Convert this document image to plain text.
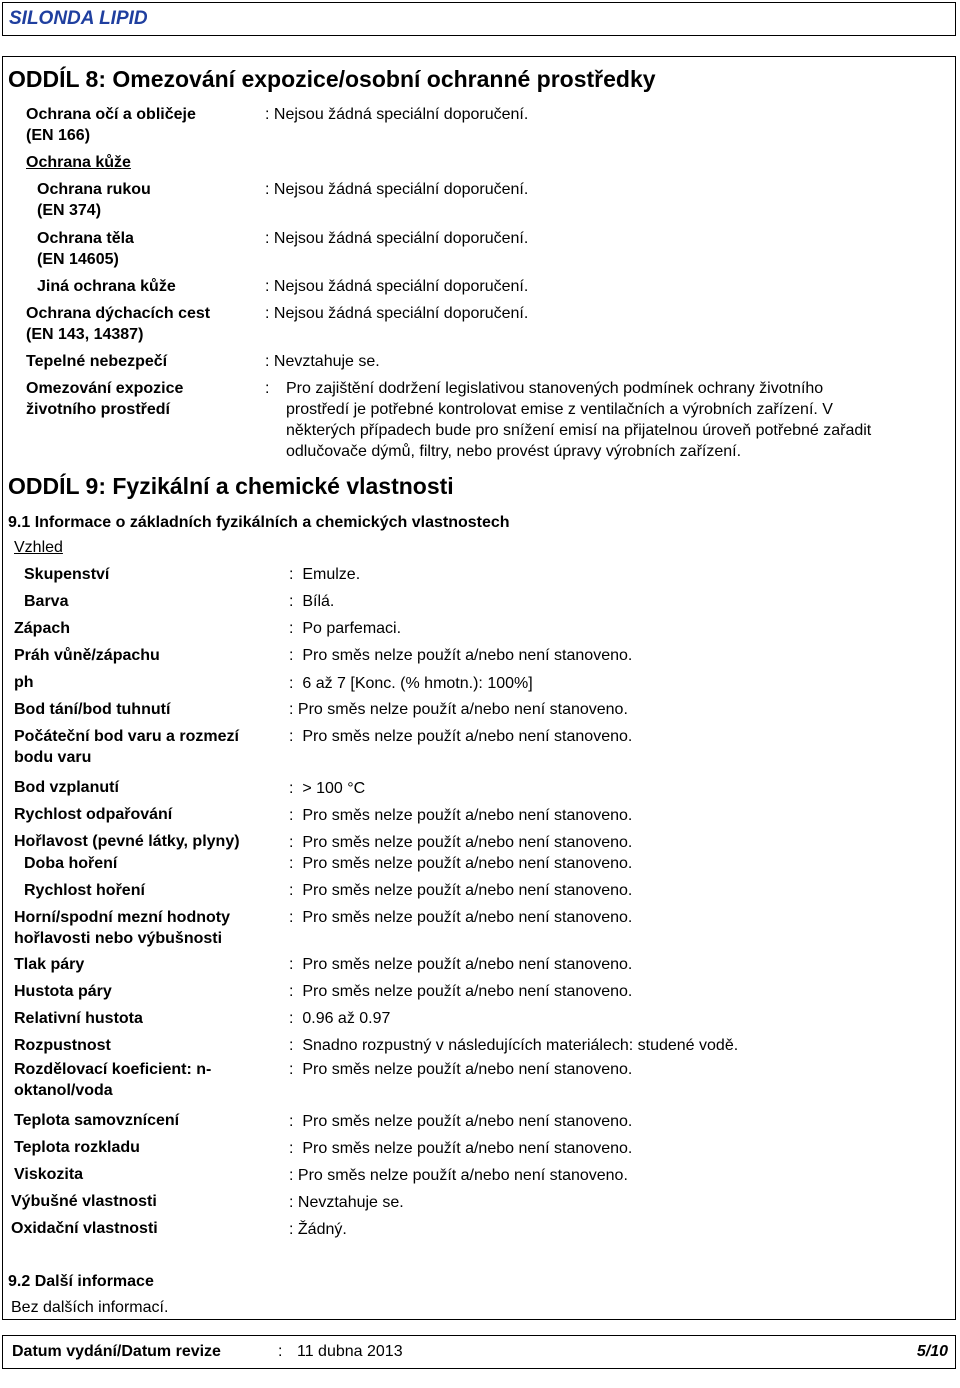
SILONDA LIPID
ODDÍL 8: Omezování expozice/osobní ochranné prostředky
Ochrana očí a obličeje
(EN 166)
: Nejsou žádná speciální doporučení.
Ochrana kůže
Ochrana rukou
(EN 374)
: Nejsou žádná speciální doporučení.
Ochrana těla
(EN 14605)
: Nejsou žádná speciální doporučení.
Jiná ochrana kůže	: Nejsou žádná speciální doporučení.
Ochrana dýchacích cest
(EN 143, 14387)
: Nejsou žádná speciální doporučení.
Tepelné nebezpečí	: Nevztahuje se.
Omezování expozice
životního prostředí
: Pro zajištění dodržení legislativou stanovených podmínek ochrany životního
prostředí je potřebné kontrolovat emise z ventilačních a výrobních zařízení. V
některých případech bude pro snížení emisí na přijatelnou úroveň potřebné zařadit
odlučovače dýmů, filtry, nebo provést úpravy výrobních zařízení.
ODDÍL 9: Fyzikální a chemické vlastnosti
9.1 Informace o základních fyzikálních a chemických vlastnostech
Vzhled
Skupenství	: Emulze.
Barva	: Bílá.
Zápach	: Po parfemaci.
Práh vůně/zápachu	: Pro směs nelze použít a/nebo není stanoveno.
ph	: 6 až 7 [Konc. (% hmotn.): 100%]
Bod tání/bod tuhnutí	: Pro směs nelze použít a/nebo není stanoveno.
Počáteční bod varu a rozmezí
bodu varu
: Pro směs nelze použít a/nebo není stanoveno.
Bod vzplanutí	: > 100 °C
Rychlost odpařování	: Pro směs nelze použít a/nebo není stanoveno.
Hořlavost (pevné látky, plyny)	: Pro směs nelze použít a/nebo není stanoveno.
Doba hoření	: Pro směs nelze použít a/nebo není stanoveno.
Rychlost hoření	: Pro směs nelze použít a/nebo není stanoveno.
Horní/spodní mezní hodnoty
hořlavosti nebo výbušnosti
: Pro směs nelze použít a/nebo není stanoveno.
Tlak páry	: Pro směs nelze použít a/nebo není stanoveno.
Hustota páry	: Pro směs nelze použít a/nebo není stanoveno.
Relativní hustota	: 0.96 až 0.97
Rozpustnost	: Snadno rozpustný v následujících materiálech: studené vodě.
Rozdělovací koeficient: n-
oktanol/voda
: Pro směs nelze použít a/nebo není stanoveno.
Teplota samovznícení	: Pro směs nelze použít a/nebo není stanoveno.
Teplota rozkladu	: Pro směs nelze použít a/nebo není stanoveno.
Viskozita	: Pro směs nelze použít a/nebo není stanoveno.
Výbušné vlastnosti	: Nevztahuje se.
Oxidační vlastnosti	: Žádný.
9.2 Další informace
Bez dalších informací.
Datum vydání/Datum revize	: 11 dubna 2013	5/10
